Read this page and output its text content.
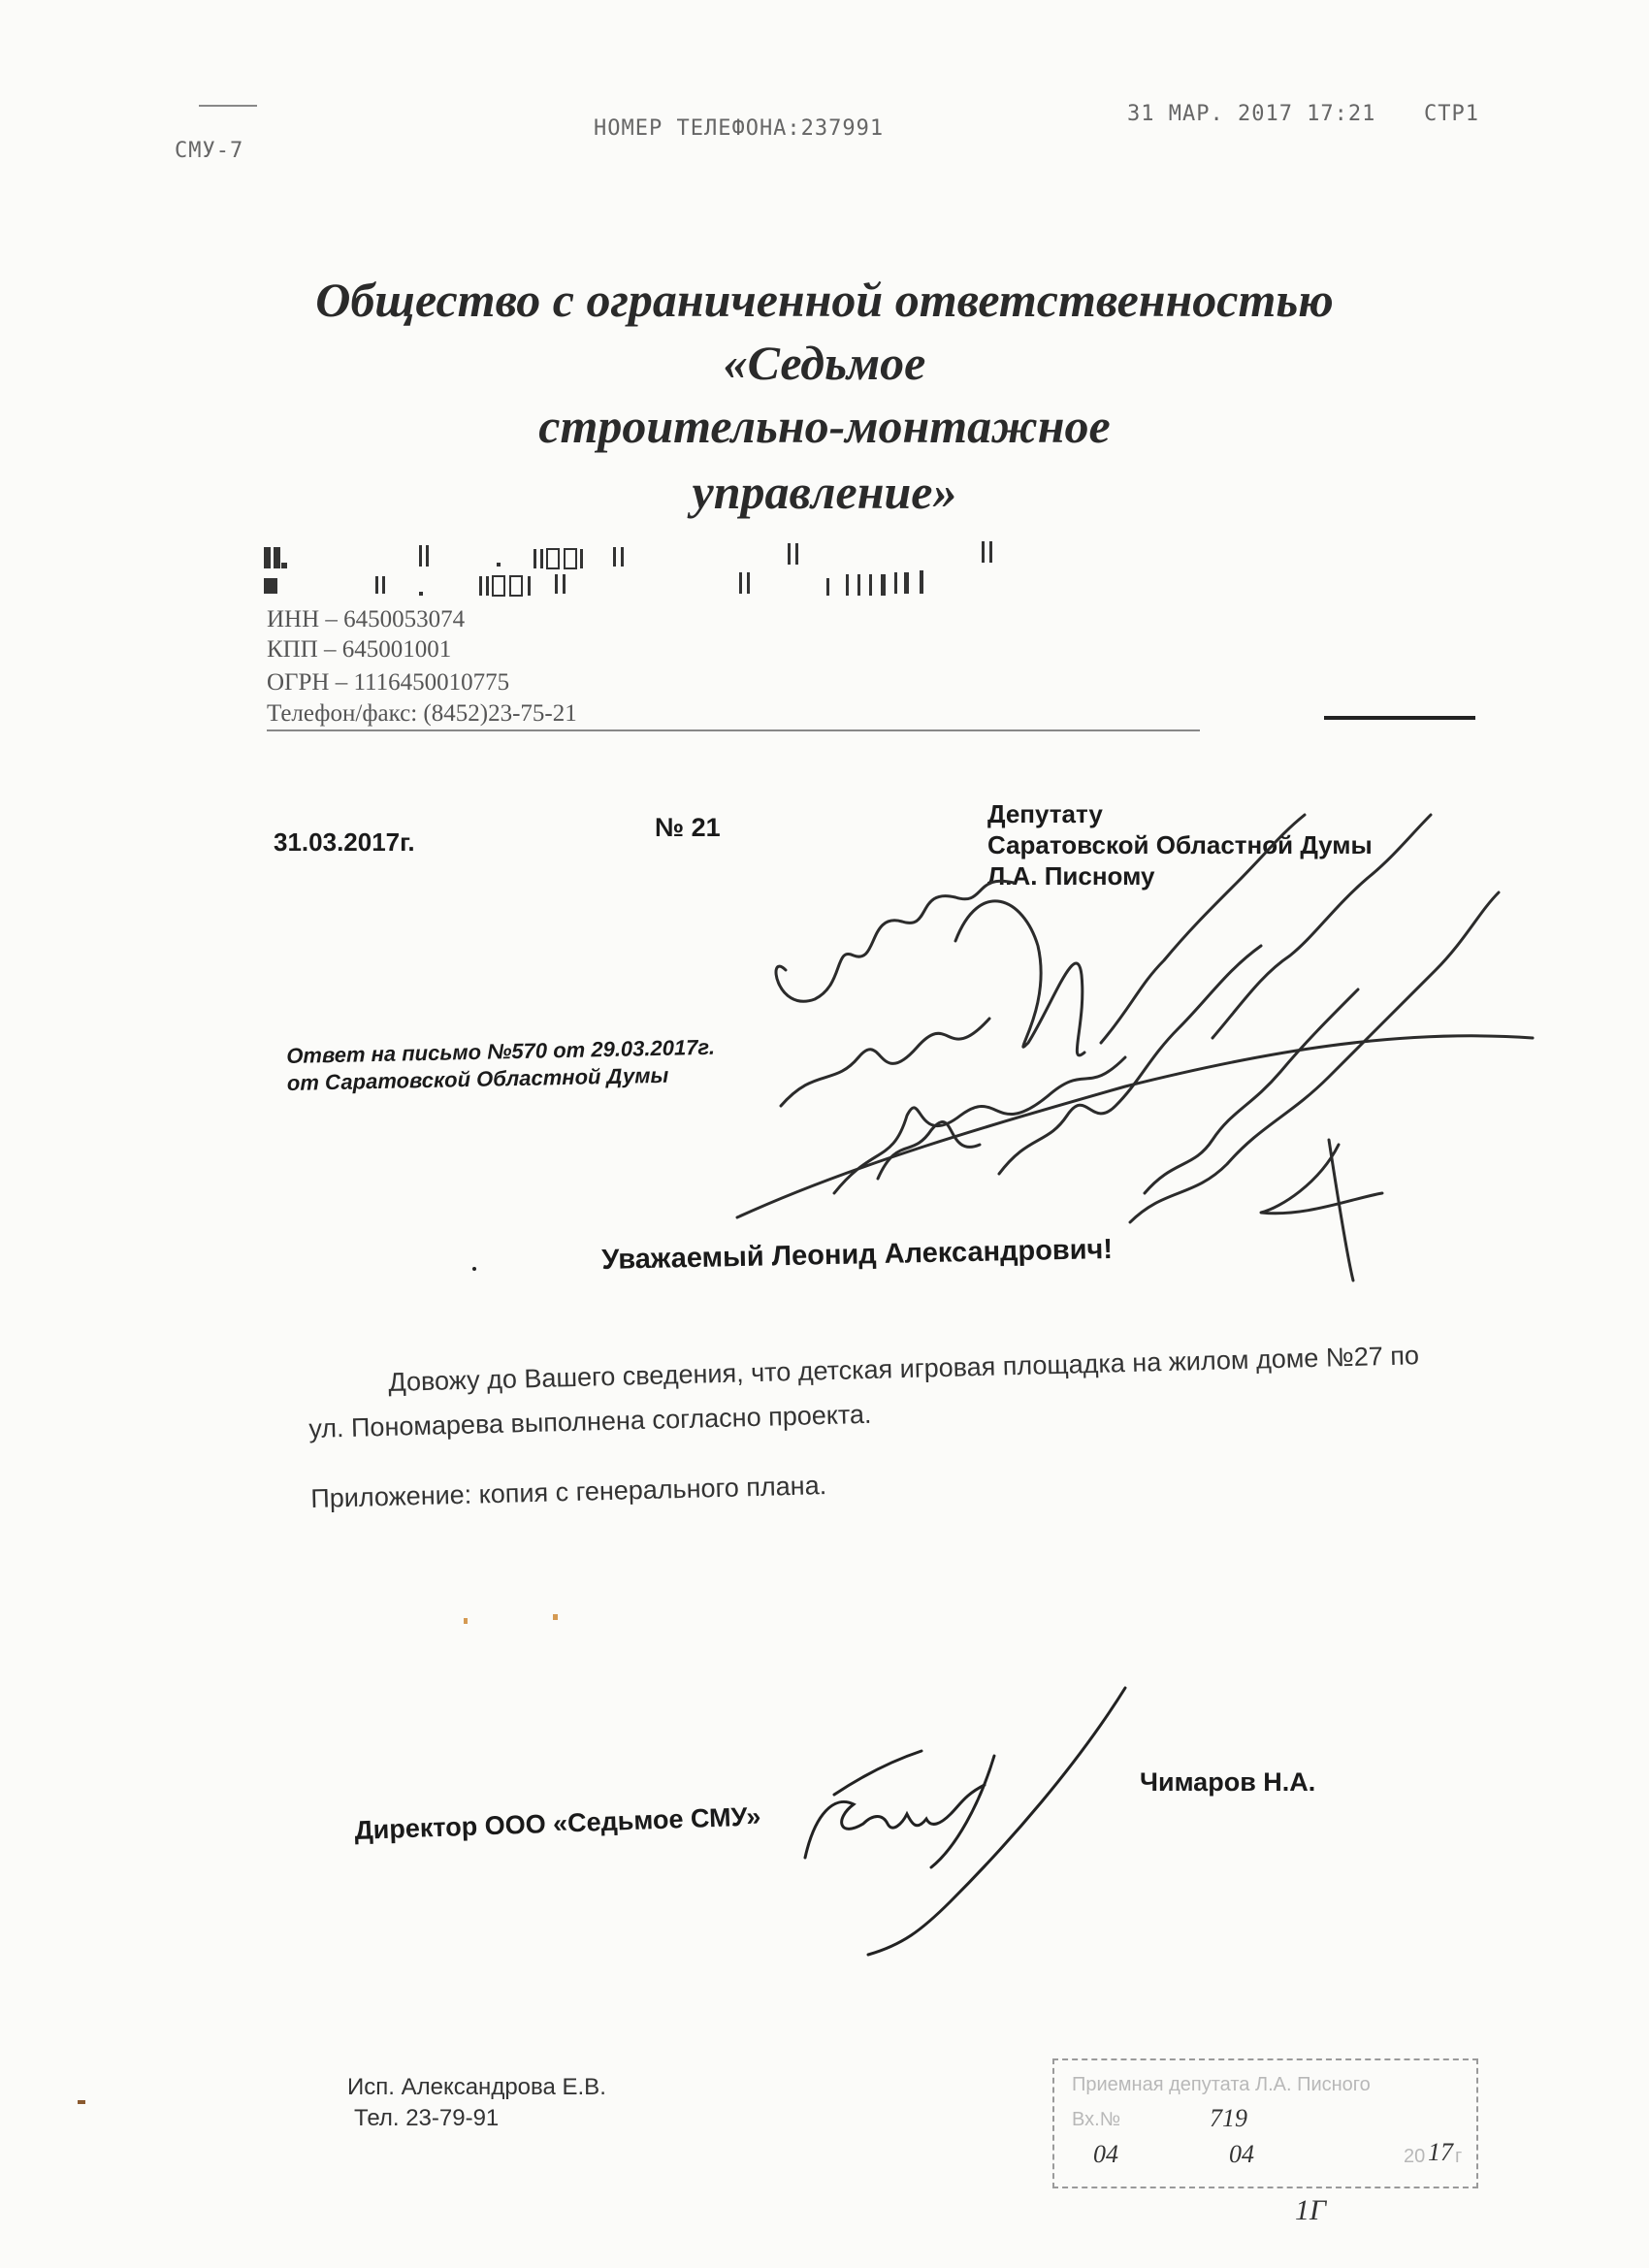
СМУ-7
НОМЕР ТЕЛЕФОНА:237991
31 МАР. 2017 17:21 СТР1
Общество с ограниченной ответственностью
«Седьмое
строительно-монтажное
управление»
ИНН – 6450053074
КПП – 645001001
ОГРН – 1116450010775
Телефон/факс: (8452)23-75-21
31.03.2017г.	№ 21	Депутату
Саратовской Областной Думы
Л.А. Писному
Ответ на письмо №570 от 29.03.2017г.
от Саратовской Областной Думы
Уважаемый Леонид Александрович!
Довожу до Вашего сведения, что детская игровая площадка на жилом доме №27 по
ул. Пономарева выполнена согласно проекта.
Приложение: копия с генерального плана.
Директор ООО «Седьмое СМУ»
Чимаров Н.А.
Исп. Александрова Е.В.
Тел. 23-79-91
Приемная депутата Л.А. Писного
Вх.№	719
04	04	20 17 г
1Г
